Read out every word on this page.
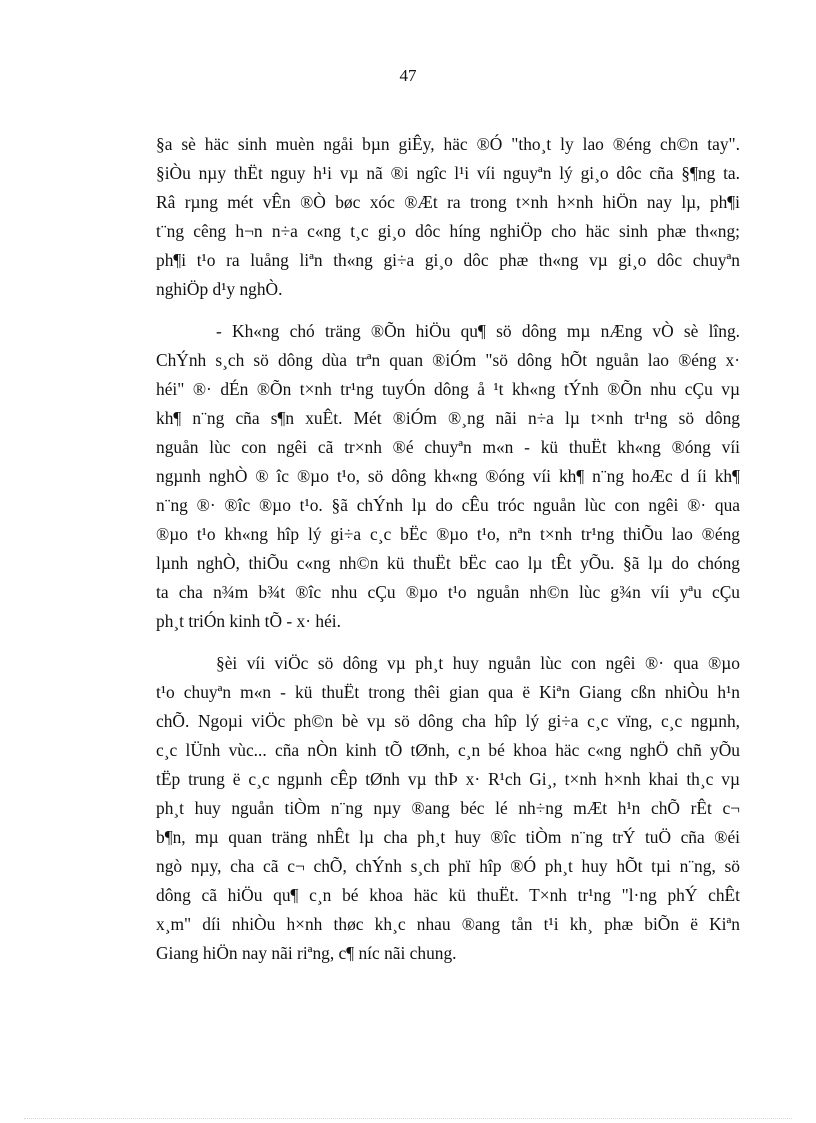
47
§a sè häc sinh muèn ngåi bµn giÊy, häc ®Ó "tho¸t ly lao ®éng ch©n tay".
§iÒu nµy thËt nguy h¹i vµ nã ®i ngîc l¹i víi nguyªn lý gi¸o dôc cña §¶ng ta.
Râ rµng mét vÊn ®Ò bøc xóc ®Æt ra trong t×nh h×nh hiÖn nay lµ, ph¶i
t¨ng cêng h¬n n÷a c«ng t¸c gi¸o dôc híng nghiÖp cho häc sinh phæ th«ng;
ph¶i t¹o ra luång liªn th«ng gi÷a gi¸o dôc phæ th«ng vµ gi¸o dôc chuyªn
nghiÖp d¹y nghÒ.
- Kh«ng chó träng ®Õn hiÖu qu¶ sö dông mµ nÆng vÒ sè lîng.
ChÝnh s¸ch sö dông dùa trªn quan ®iÓm "sö dông hÕt nguån lao ®éng x·
héi" ®· dÉn ®Õn t×nh tr¹ng tuyÓn dông å ¹t kh«ng tÝnh ®Õn nhu cÇu vµ
kh¶ n¨ng cña s¶n xuÊt. Mét ®iÓm ®¸ng nãi n÷a lµ t×nh tr¹ng sö dông
nguån lùc con ngêi cã tr×nh ®é chuyªn m«n - kü thuËt kh«ng ®óng víi
ngµnh nghÒ ® îc ®µo t¹o, sö dông kh«ng ®óng víi kh¶ n¨ng hoÆc d íi kh¶
n¨ng ®· ®îc ®µo t¹o. §ã chÝnh lµ do cÊu tróc nguån lùc con ngêi ®· qua
®µo t¹o kh«ng hîp lý gi÷a c¸c bËc ®µo t¹o, nªn t×nh tr¹ng thiÕu lao ®éng
lµnh nghÒ, thiÕu c«ng nh©n kü thuËt bËc cao lµ tÊt yÕu. §ã lµ do chóng
ta cha n¾m b¾t ®îc nhu cÇu ®µo t¹o nguån nh©n lùc g¾n víi yªu cÇu
ph¸t triÓn kinh tÕ - x· héi.
§èi víi viÖc sö dông vµ ph¸t huy nguån lùc con ngêi ®· qua ®µo
t¹o chuyªn m«n - kü thuËt trong thêi gian qua ë Kiªn Giang cßn nhiÒu h¹n
chÕ. Ngoµi viÖc ph©n bè vµ sö dông cha hîp lý gi÷a c¸c vïng, c¸c ngµnh,
c¸c lÜnh vùc... cña nÒn kinh tÕ tØnh, c¸n bé khoa häc c«ng nghÖ chñ yÕu
tËp trung ë c¸c ngµnh cÊp tØnh vµ thÞ x· R¹ch Gi¸, t×nh h×nh khai th¸c vµ
ph¸t huy nguån tiÒm n¨ng nµy ®ang béc lé nh÷ng mÆt h¹n chÕ rÊt c¬
b¶n, mµ quan träng nhÊt lµ cha ph¸t huy ®îc tiÒm n¨ng trÝ tuÖ cña ®éi
ngò nµy, cha cã c¬ chÕ, chÝnh s¸ch phï hîp ®Ó ph¸t huy hÕt tµi n¨ng, sö
dông cã hiÖu qu¶ c¸n bé khoa häc kü thuËt. T×nh tr¹ng "l·ng phÝ chÊt
x¸m" díi nhiÒu h×nh thøc kh¸c nhau ®ang tån t¹i kh¸ phæ biÕn ë Kiªn
Giang hiÖn nay nãi riªng, c¶ níc nãi chung.
